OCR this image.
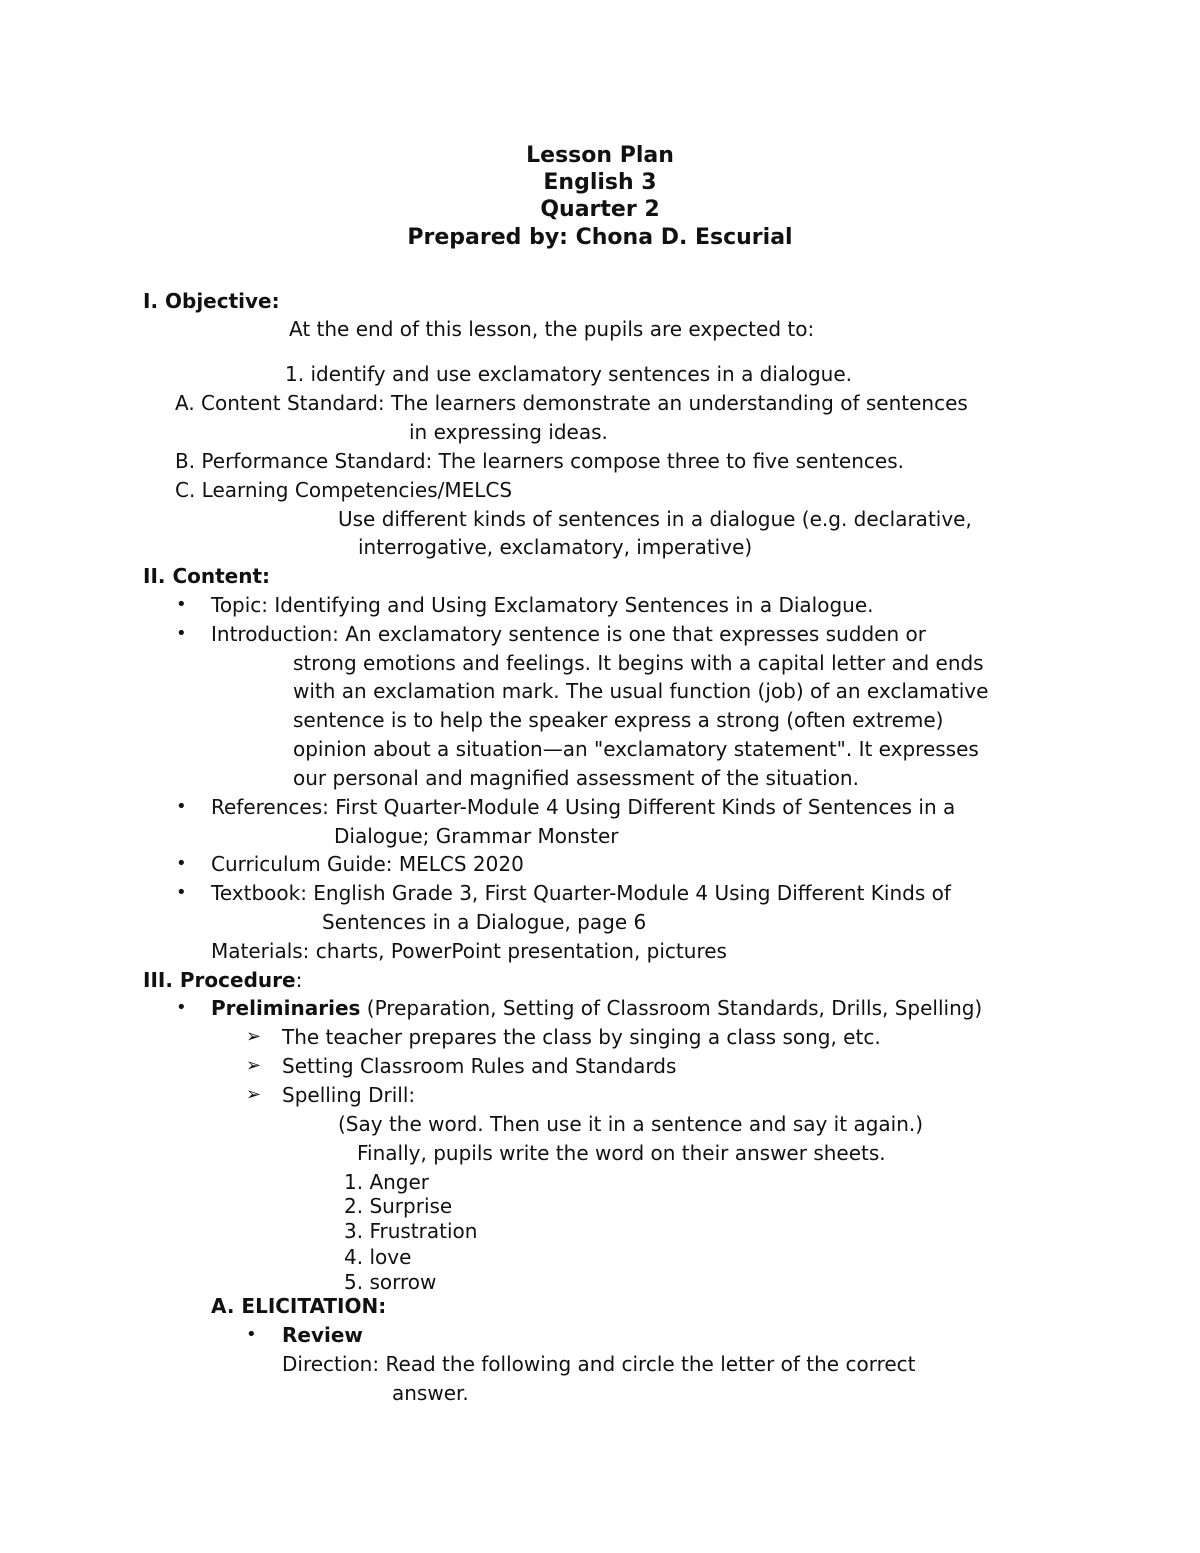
Lesson Plan
English 3
Quarter 2
Prepared by: Chona D. Escurial
I. Objective:
At the end of this lesson, the pupils are expected to:
1. identify and use exclamatory sentences in a dialogue.
A. Content Standard: The learners demonstrate an understanding of sentences
in expressing ideas.
B. Performance Standard: The learners compose three to five sentences.
C. Learning Competencies/MELCS
Use different kinds of sentences in a dialogue (e.g. declarative,
interrogative, exclamatory, imperative)
II. Content:
• Topic: Identifying and Using Exclamatory Sentences in a Dialogue.
• Introduction: An exclamatory sentence is one that expresses sudden or
strong emotions and feelings. It begins with a capital letter and ends
with an exclamation mark. The usual function (job) of an exclamative
sentence is to help the speaker express a strong (often extreme)
opinion about a situation—an "exclamatory statement". It expresses
our personal and magnified assessment of the situation.
• References: First Quarter-Module 4 Using Different Kinds of Sentences in a
Dialogue; Grammar Monster
• Curriculum Guide: MELCS 2020
• Textbook: English Grade 3, First Quarter-Module 4 Using Different Kinds of
Sentences in a Dialogue, page 6
Materials: charts, PowerPoint presentation, pictures
III. Procedure:
• Preliminaries (Preparation, Setting of Classroom Standards, Drills, Spelling)
➢ The teacher prepares the class by singing a class song, etc.
➢ Setting Classroom Rules and Standards
➢ Spelling Drill:
(Say the word. Then use it in a sentence and say it again.)
Finally, pupils write the word on their answer sheets.
1. Anger
2. Surprise
3. Frustration
4. love
5. sorrow
A. ELICITATION:
• Review
Direction: Read the following and circle the letter of the correct
answer.
